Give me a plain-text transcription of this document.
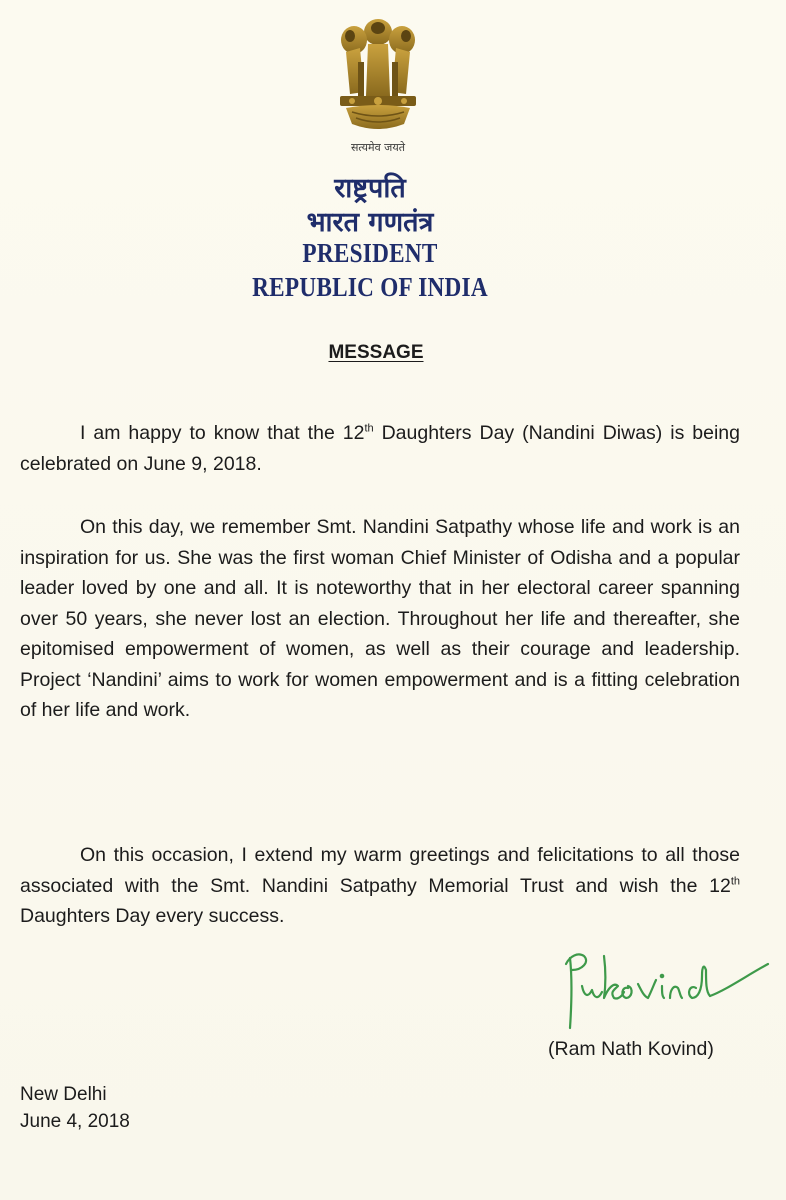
सत्यमेव जयते
राष्ट्रपति
भारत गणतंत्र
PRESIDENT
REPUBLIC OF INDIA
MESSAGE
I am happy to know that the 12th Daughters Day (Nandini Diwas) is being celebrated on June 9, 2018.
On this day, we remember Smt. Nandini Satpathy whose life and work is an inspiration for us. She was the first woman Chief Minister of Odisha and a popular leader loved by one and all. It is noteworthy that in her electoral career spanning over 50 years, she never lost an election. Throughout her life and thereafter, she epitomised empowerment of women, as well as their courage and leadership. Project ‘Nandini’ aims to work for women empowerment and is a fitting celebration of her life and work.
On this occasion, I extend my warm greetings and felicitations to all those associated with the Smt. Nandini Satpathy Memorial Trust and wish the 12th Daughters Day every success.
(Ram Nath Kovind)
New Delhi
June 4, 2018
